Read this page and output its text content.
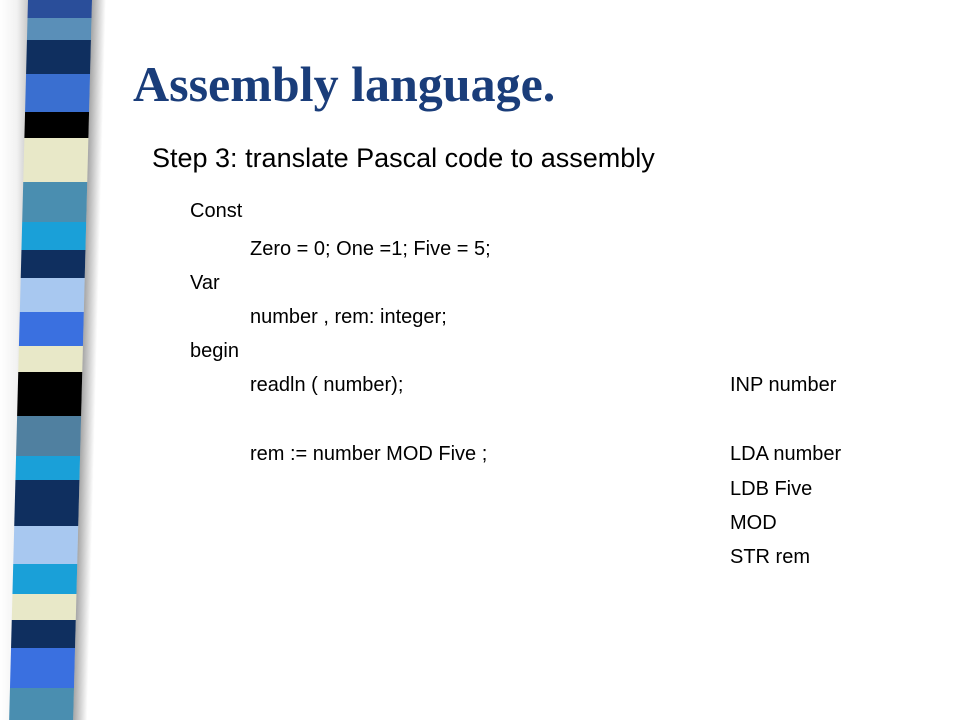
Assembly language.
Step 3: translate Pascal code to assembly
Const
Zero = 0; One =1; Five = 5;
Var
number , rem: integer;
begin
readln ( number);
rem := number MOD Five ;
INP number
LDA number
LDB Five
MOD
STR rem
